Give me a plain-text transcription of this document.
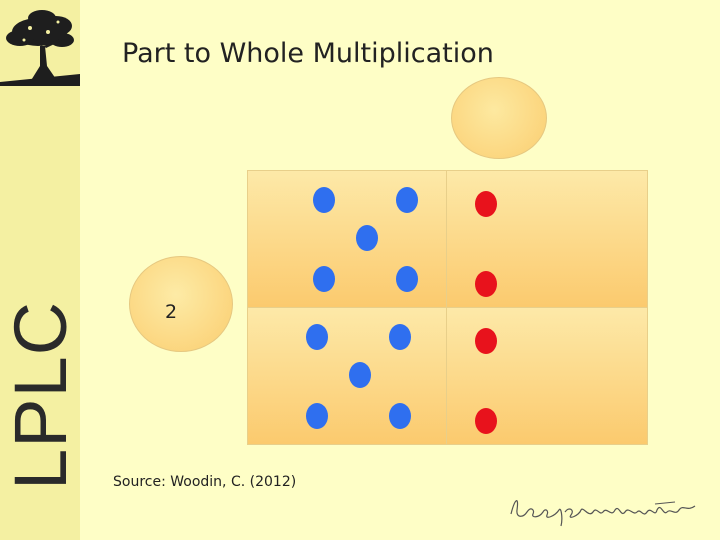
LPLC
Part to Whole Multiplication
2
Source: Woodin, C. (2012)
